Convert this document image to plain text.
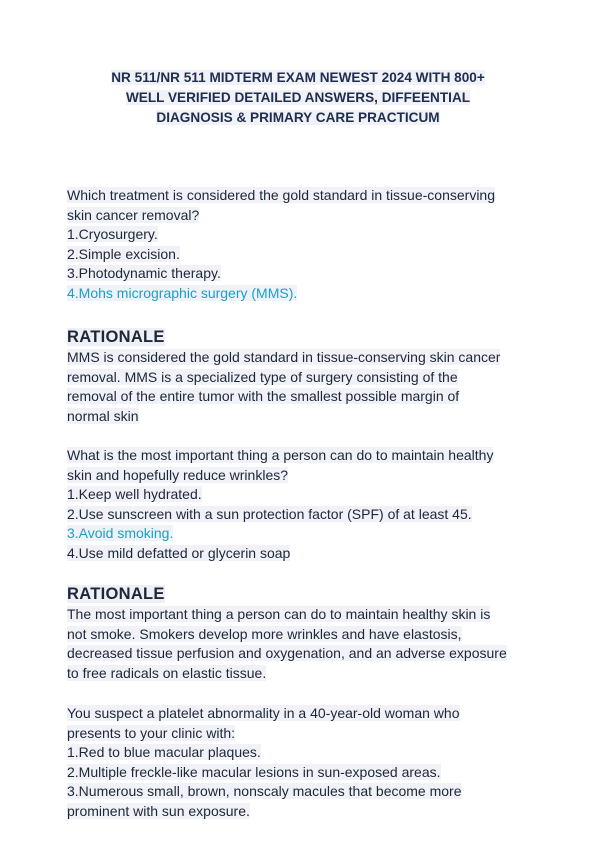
NR 511/NR 511 MIDTERM EXAM NEWEST 2024 WITH 800+
WELL VERIFIED DETAILED ANSWERS, DIFFEENTIAL
DIAGNOSIS & PRIMARY CARE PRACTICUM
Which treatment is considered the gold standard in tissue-conserving
skin cancer removal?
1.Cryosurgery.
2.Simple excision.
3.Photodynamic therapy.
4.Mohs micrographic surgery (MMS).
RATIONALE
MMS is considered the gold standard in tissue-conserving skin cancer
removal. MMS is a specialized type of surgery consisting of the
removal of the entire tumor with the smallest possible margin of
normal skin
What is the most important thing a person can do to maintain healthy
skin and hopefully reduce wrinkles?
1.Keep well hydrated.
2.Use sunscreen with a sun protection factor (SPF) of at least 45.
3.Avoid smoking.
4.Use mild defatted or glycerin soap
RATIONALE
The most important thing a person can do to maintain healthy skin is
not smoke. Smokers develop more wrinkles and have elastosis,
decreased tissue perfusion and oxygenation, and an adverse exposure
to free radicals on elastic tissue.
You suspect a platelet abnormality in a 40-year-old woman who
presents to your clinic with:
1.Red to blue macular plaques.
2.Multiple freckle-like macular lesions in sun-exposed areas.
3.Numerous small, brown, nonscaly macules that become more
prominent with sun exposure.
